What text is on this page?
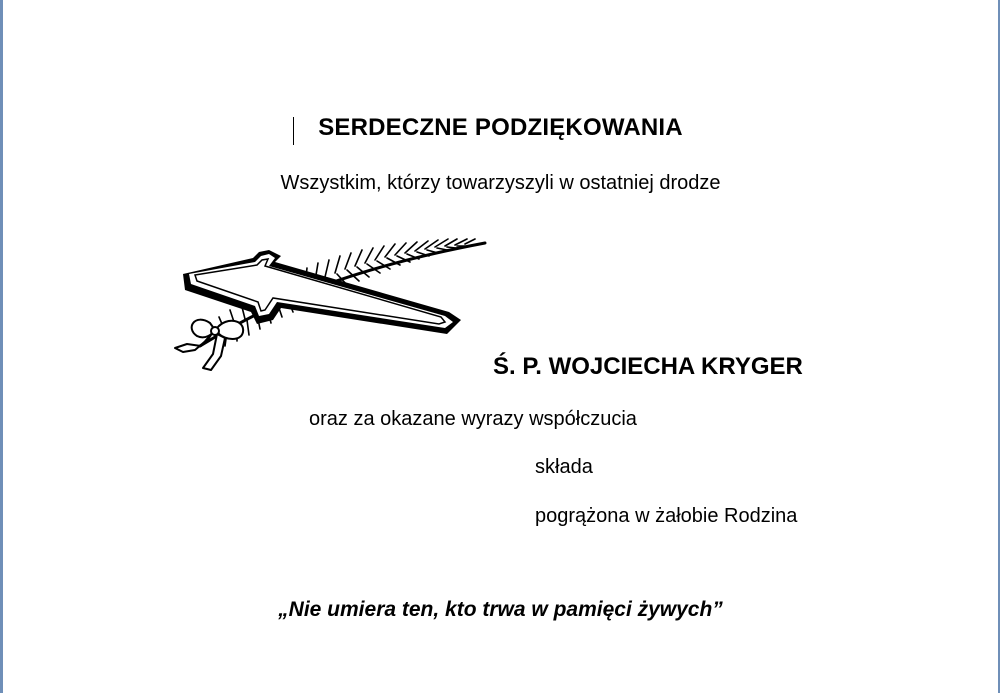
SERDECZNE PODZIĘKOWANIA
Wszystkim, którzy towarzyszyli w ostatniej drodze
Ś. P. WOJCIECHA KRYGER
oraz za okazane wyrazy współczucia
składa
pogrążona w żałobie Rodzina
„Nie umiera ten, kto trwa w pamięci żywych”
